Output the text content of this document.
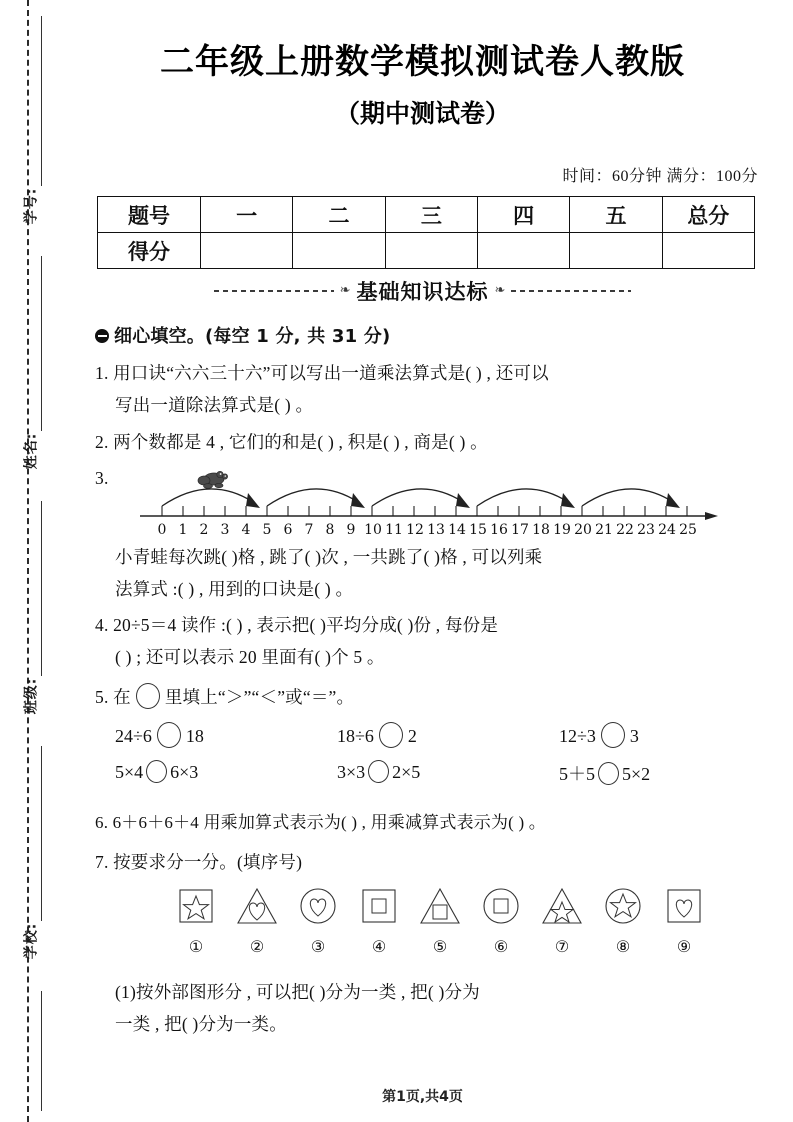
学号:
姓名:
班级:
学校:
二年级上册数学模拟测试卷人教版
（期中测试卷）
时间：60分钟 满分：100分
题号	一	二	三	四	五	总分
得分						
❧ 基础知识达标 ❧
细心填空。(每空 1 分, 共 31 分)
1. 用口诀“六六三十六”可以写出一道乘法算式是( ) , 还可以
写出一道除法算式是( ) 。
2. 两个数都是 4 , 它们的和是( ) , 积是( ) , 商是( ) 。
3.
0 1 2 3 4 5 6 7 8 9 10 11 12 13 14 15 16 17 18 19 20 21 22 23 24 25
小青蛙每次跳( )格 , 跳了( )次 , 一共跳了( )格 , 可以列乘
法算式 :( ) , 用到的口诀是( ) 。
4. 20÷5＝4 读作 :( ) , 表示把( )平均分成( )份 , 每份是
( ) ; 还可以表示 20 里面有( )个 5 。
5. 在 里填上“＞”“＜”或“＝”。
24÷6 18	18÷6 2	12÷3 3
5×4 6×3	3×3 2×5	5＋5 5×2
6. 6＋6＋6＋4 用乘加算式表示为( ) , 用乘减算式表示为( ) 。
7. 按要求分一分。(填序号)
①	②	③	④	⑤	⑥	⑦	⑧	⑨
(1)按外部图形分 , 可以把( )分为一类 , 把( )分为
一类 , 把( )分为一类。
第1页,共4页
